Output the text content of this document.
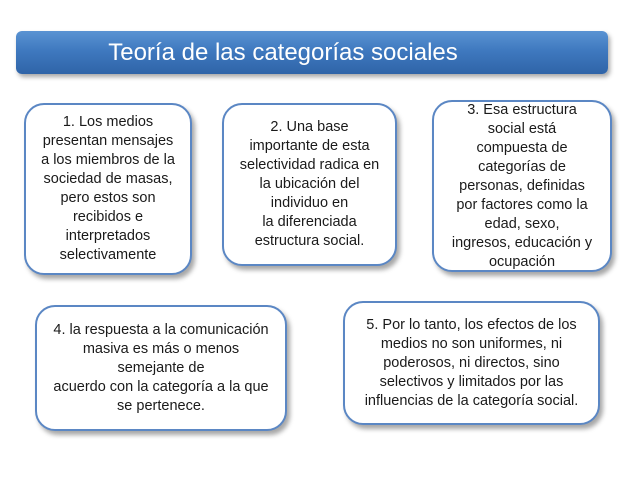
Teoría de las categorías sociales
1. Los medios
presentan mensajes
a los miembros de la
sociedad de masas,
pero estos son
recibidos e
interpretados
selectivamente
2. Una base
importante de esta
selectividad radica en
la ubicación del
individuo en
la diferenciada
estructura social.
3. Esa estructura
social está
compuesta de
categorías de
personas, definidas
por factores como la
edad, sexo,
ingresos, educación y
ocupación
4. la respuesta a la comunicación
masiva es más o menos
semejante de
acuerdo con la categoría a la que
se pertenece.
5. Por lo tanto, los efectos de los
medios no son uniformes, ni
poderosos, ni directos, sino
selectivos y limitados por las
influencias de la categoría social.
